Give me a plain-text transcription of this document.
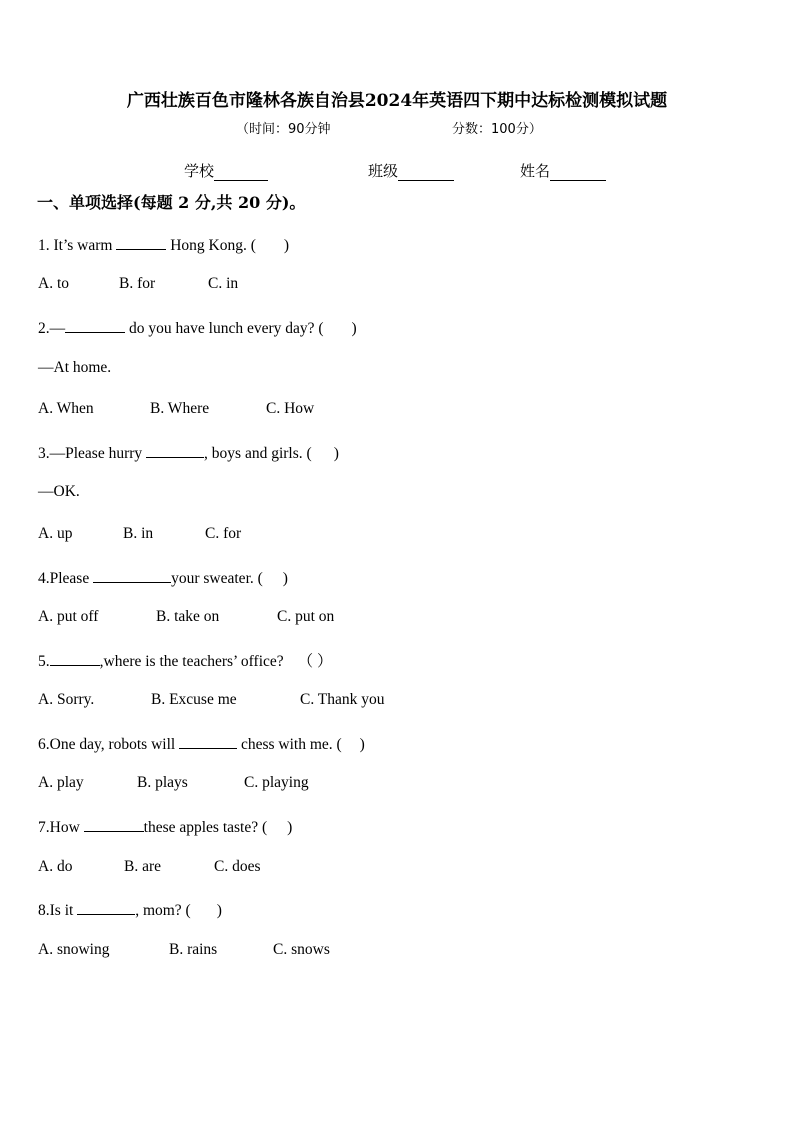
广西壮族百色市隆林各族自治县2024年英语四下期中达标检测模拟试题
（时间：90分钟	分数：100分）
学校	班级	姓名
一、单项选择(每题 2 分,共 20 分)。
1. It’s warm	Hong Kong. ( )
A. to	B. for	C. in
2.—	do you have lunch every day? ( )
—At home.
A. When	B. Where	C. How
3.—Please hurry	, boys and girls. ( )
—OK.
A. up	B. in	C. for
4.Please	your sweater. ( )
A. put off	B. take on	C. put on
5.	,where is the teachers’ office? （ ）
A. Sorry.	B. Excuse me	C. Thank you
6.One day, robots will	chess with me. ( )
A. play	B. plays	C. playing
7.How	these apples taste? ( )
A. do	B. are	C. does
8.Is it	, mom? ( )
A. snowing	B. rains	C. snows
